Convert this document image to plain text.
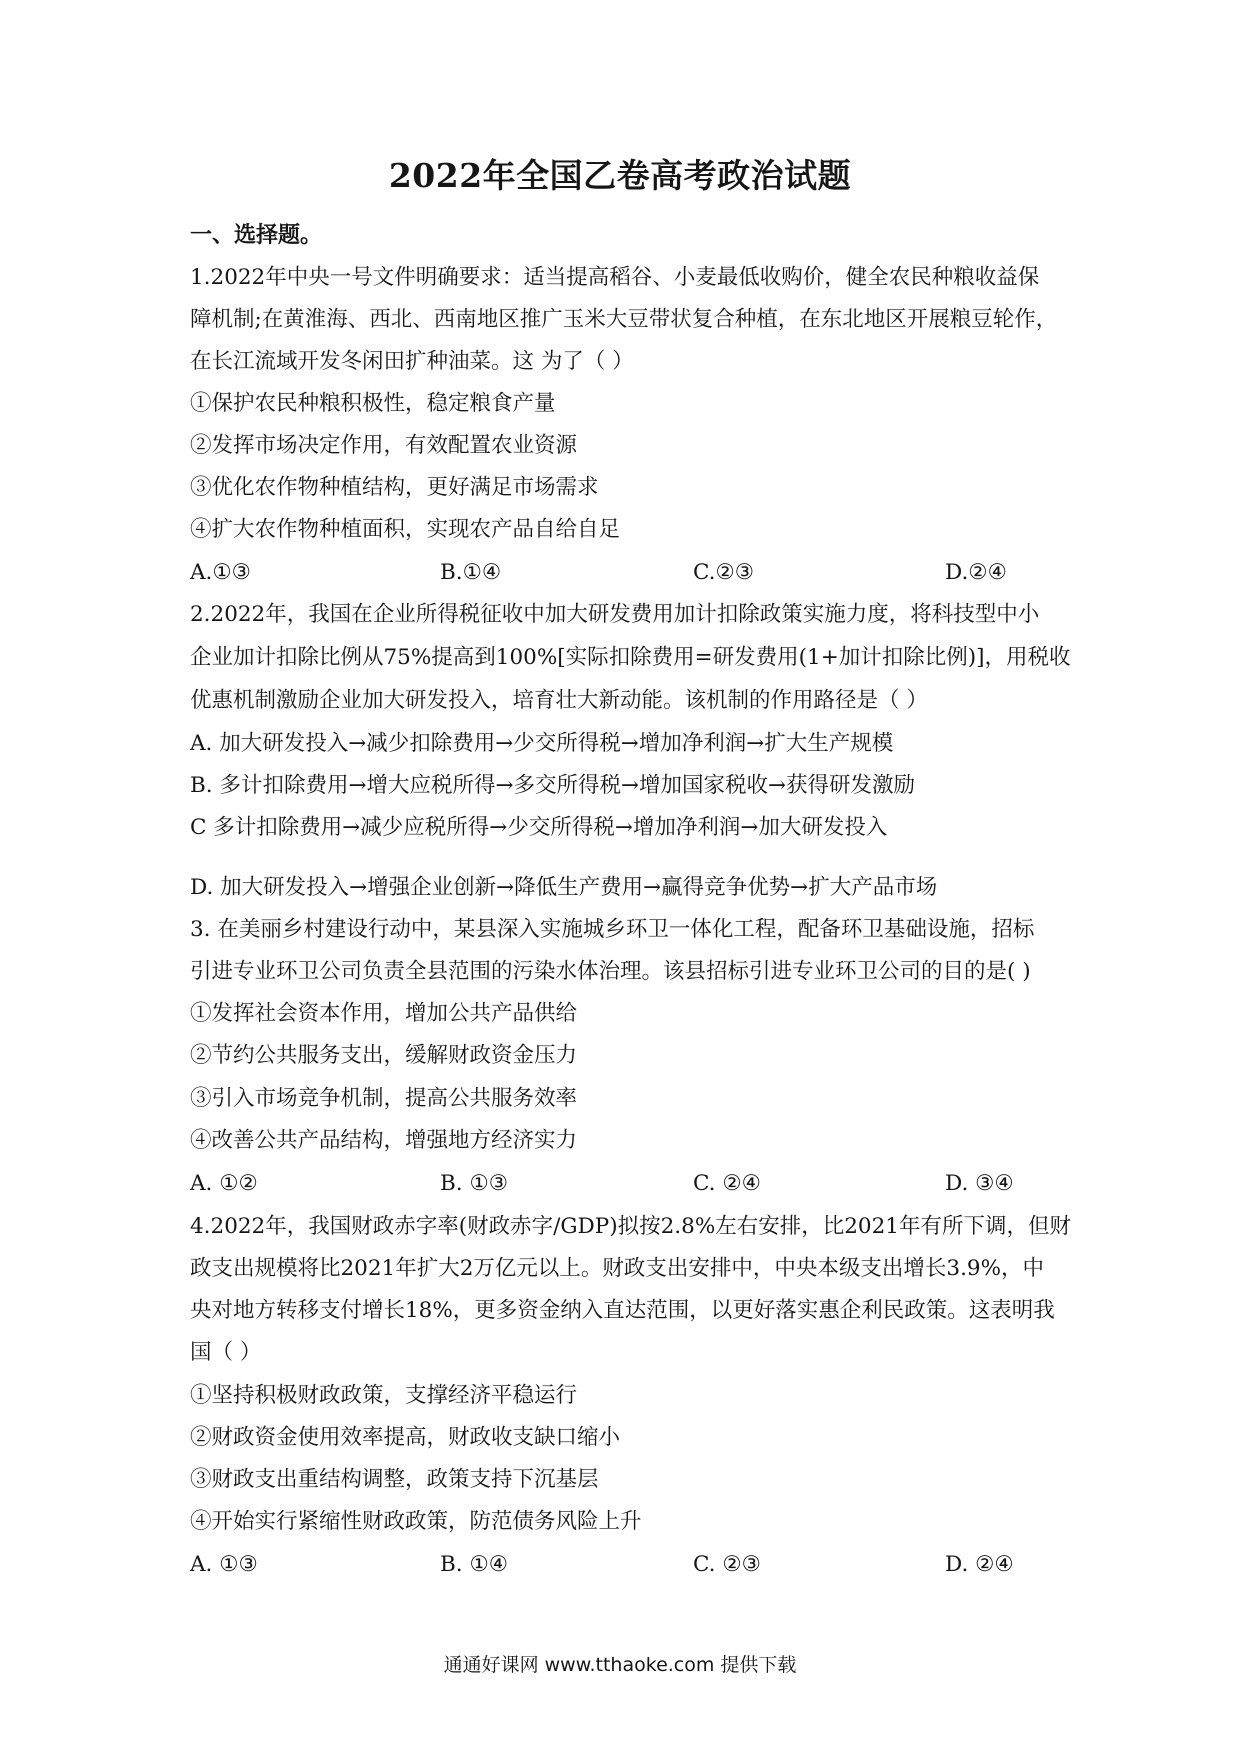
2022年全国乙卷高考政治试题
一、选择题。
1.2022年中央一号文件明确要求：适当提高稻谷、小麦最低收购价，健全农民种粮收益保
障机制;在黄淮海、西北、西南地区推广玉米大豆带状复合种植，在东北地区开展粮豆轮作，
在长江流域开发冬闲田扩种油菜。这 为了（ ）
①保护农民种粮积极性，稳定粮食产量
②发挥市场决定作用，有效配置农业资源
③优化农作物种植结构，更好满足市场需求
④扩大农作物种植面积，实现农产品自给自足
A.①③	B.①④	C.②③	D.②④
2.2022年，我国在企业所得税征收中加大研发费用加计扣除政策实施力度，将科技型中小
企业加计扣除比例从75%提高到100%[实际扣除费用=研发费用(1+加计扣除比例)]，用税收
优惠机制激励企业加大研发投入，培育壮大新动能。该机制的作用路径是（ ）
A. 加大研发投入→减少扣除费用→少交所得税→增加净利润→扩大生产规模
B. 多计扣除费用→增大应税所得→多交所得税→增加国家税收→获得研发激励
C 多计扣除费用→减少应税所得→少交所得税→增加净利润→加大研发投入
D. 加大研发投入→增强企业创新→降低生产费用→赢得竞争优势→扩大产品市场
3. 在美丽乡村建设行动中，某县深入实施城乡环卫一体化工程，配备环卫基础设施，招标
引进专业环卫公司负责全县范围的污染水体治理。该县招标引进专业环卫公司的目的是( )
①发挥社会资本作用，增加公共产品供给
②节约公共服务支出，缓解财政资金压力
③引入市场竞争机制，提高公共服务效率
④改善公共产品结构，增强地方经济实力
A. ①②	B. ①③	C. ②④	D. ③④
4.2022年，我国财政赤字率(财政赤字/GDP)拟按2.8%左右安排，比2021年有所下调，但财
政支出规模将比2021年扩大2万亿元以上。财政支出安排中，中央本级支出增长3.9%，中
央对地方转移支付增长18%，更多资金纳入直达范围，以更好落实惠企利民政策。这表明我
国（ ）
①坚持积极财政政策，支撑经济平稳运行
②财政资金使用效率提高，财政收支缺口缩小
③财政支出重结构调整，政策支持下沉基层
④开始实行紧缩性财政政策，防范债务风险上升
A. ①③	B. ①④	C. ②③	D. ②④
通通好课网 www.tthaoke.com 提供下载
